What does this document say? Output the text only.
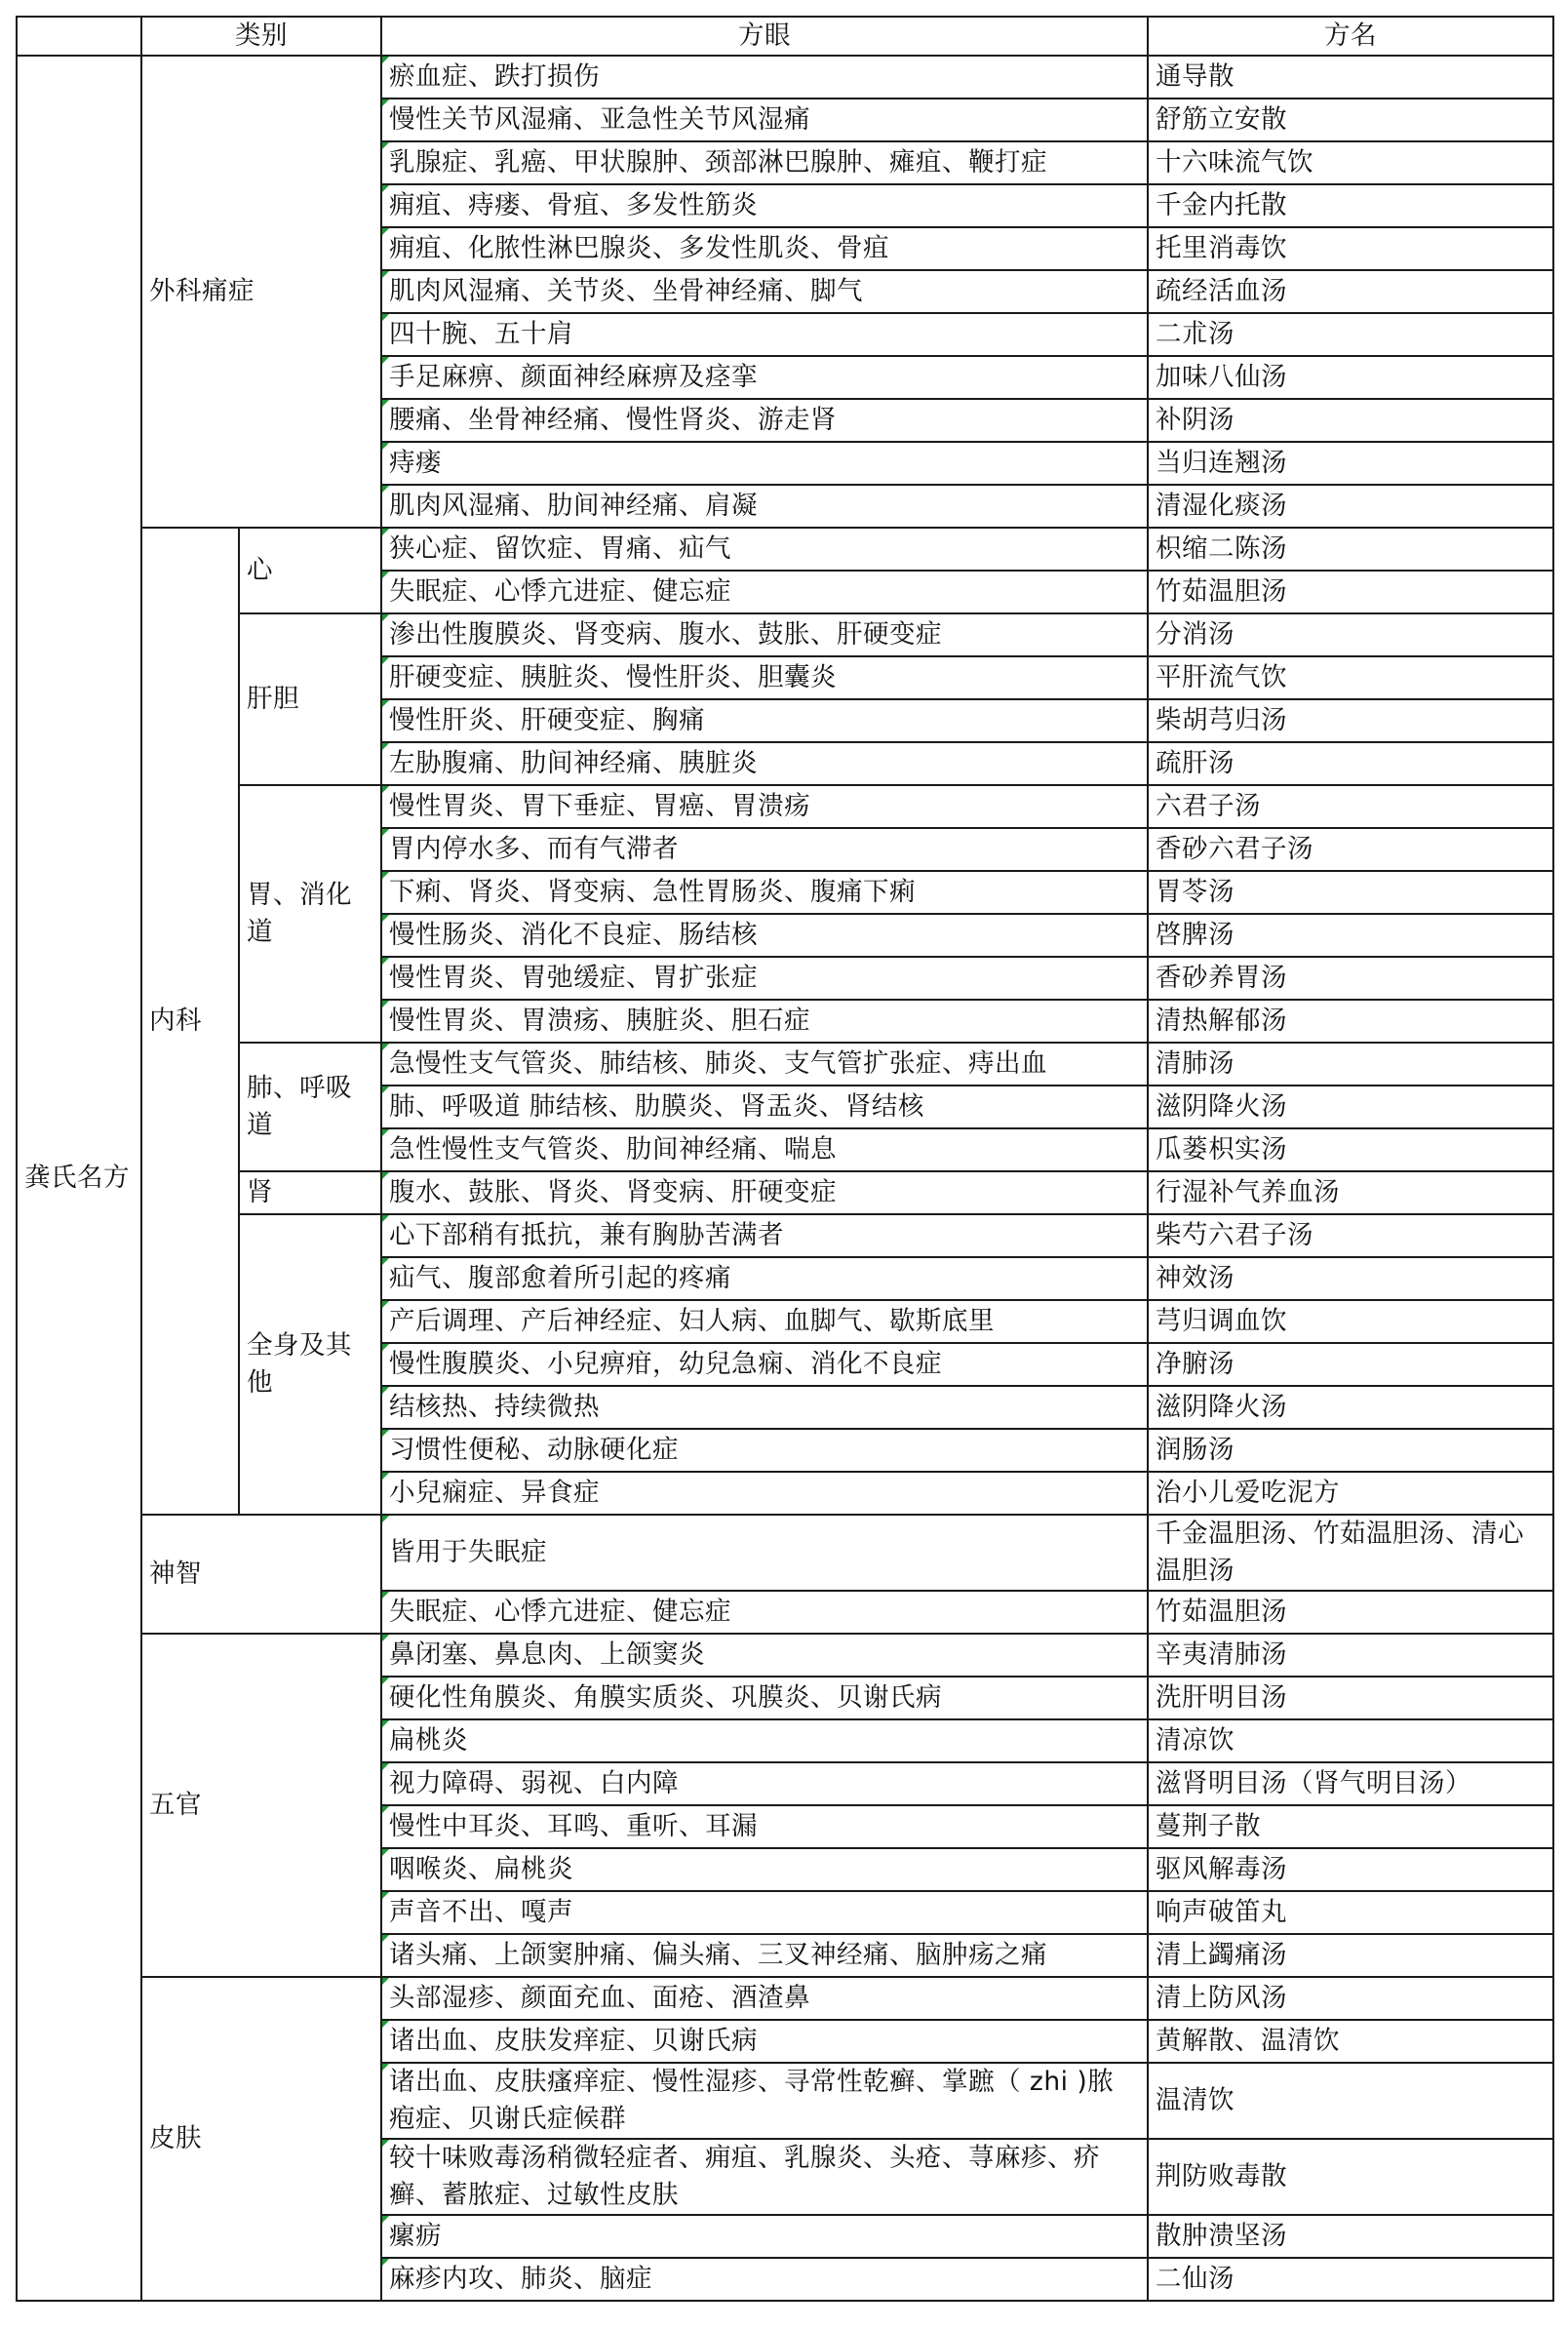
	类别		方眼	方名
龚氏名方	外科痛症		瘀血症、跌打损伤	通导散
			慢性关节风湿痛、亚急性关节风湿痛	舒筋立安散
			乳腺症、乳癌、甲状腺肿、颈部淋巴腺肿、瘫疽、鞭打症	十六味流气饮
			痈疽、痔瘘、骨疽、多发性筋炎	千金内托散
			痈疽、化脓性淋巴腺炎、多发性肌炎、骨疽	托里消毒饮
			肌肉风湿痛、关节炎、坐骨神经痛、脚气	疏经活血汤
			四十腕、五十肩	二朮汤
			手足麻痹、颜面神经麻痹及痉挛	加味八仙汤
			腰痛、坐骨神经痛、慢性肾炎、游走肾	补阴汤
			痔瘘	当归连翘汤
			肌肉风湿痛、肋间神经痛、肩凝	清湿化痰汤
	内科	心	狭心症、留饮症、胃痛、疝气	枳缩二陈汤
			失眠症、心悸亢进症、健忘症	竹茹温胆汤
		肝胆	渗出性腹膜炎、肾变病、腹水、鼓胀、肝硬变症	分消汤
			肝硬变症、胰脏炎、慢性肝炎、胆囊炎	平肝流气饮
			慢性肝炎、肝硬变症、胸痛	柴胡芎归汤
			左胁腹痛、肋间神经痛、胰脏炎	疏肝汤
		胃、消化道	慢性胃炎、胃下垂症、胃癌、胃溃疡	六君子汤
			胃内停水多、而有气滞者	香砂六君子汤
			下痢、肾炎、肾变病、急性胃肠炎、腹痛下痢	胃苓汤
			慢性肠炎、消化不良症、肠结核	啓脾汤
			慢性胃炎、胃弛缓症、胃扩张症	香砂养胃汤
			慢性胃炎、胃溃疡、胰脏炎、胆石症	清热解郁汤
		肺、呼吸道	急慢性支气管炎、肺结核、肺炎、支气管扩张症、痔出血	清肺汤
			肺、呼吸道 肺结核、肋膜炎、肾盂炎、肾结核	滋阴降火汤
			急性慢性支气管炎、肋间神经痛、喘息	瓜蒌枳实汤
		肾	腹水、鼓胀、肾炎、肾变病、肝硬变症	行湿补气养血汤
		全身及其他	心下部稍有抵抗，兼有胸胁苦满者	柴芍六君子汤
			疝气、腹部愈着所引起的疼痛	神效汤
			产后调理、产后神经症、妇人病、血脚气、歇斯底里	芎归调血饮
			慢性腹膜炎、小兒痹疳，幼兒急痫、消化不良症	净腑汤
			结核热、持续微热	滋阴降火汤
			习惯性便秘、动脉硬化症	润肠汤
			小兒痫症、异食症	治小儿爱吃泥方
	神智		皆用于失眠症	千金温胆汤、竹茹温胆汤、清心温胆汤
			失眠症、心悸亢进症、健忘症	竹茹温胆汤
	五官		鼻闭塞、鼻息肉、上颌窦炎	辛夷清肺汤
			硬化性角膜炎、角膜实质炎、巩膜炎、贝谢氏病	洗肝明目汤
			扁桃炎	清凉饮
			视力障碍、弱视、白内障	滋肾明目汤（肾气明目汤）
			慢性中耳炎、耳鸣、重听、耳漏	蔓荆子散
			咽喉炎、扁桃炎	驱风解毒汤
			声音不出、嘎声	响声破笛丸
			诸头痛、上颌窦肿痛、偏头痛、三叉神经痛、脑肿疡之痛	清上蠲痛汤
	皮肤		头部湿疹、颜面充血、面疮、酒渣鼻	清上防风汤
			诸出血、皮肤发痒症、贝谢氏病	黄解散、温清饮
			诸出血、皮肤瘙痒症、慢性湿疹、寻常性乾癣、掌蹠（ zhi )脓疱症、贝谢氏症候群	温清饮
			较十味败毒汤稍微轻症者、痈疽、乳腺炎、头疮、荨麻疹、疥癣、蓄脓症、过敏性皮肤	荆防败毒散
			瘰疬	散肿溃坚汤
			麻疹内攻、肺炎、脑症	二仙汤
